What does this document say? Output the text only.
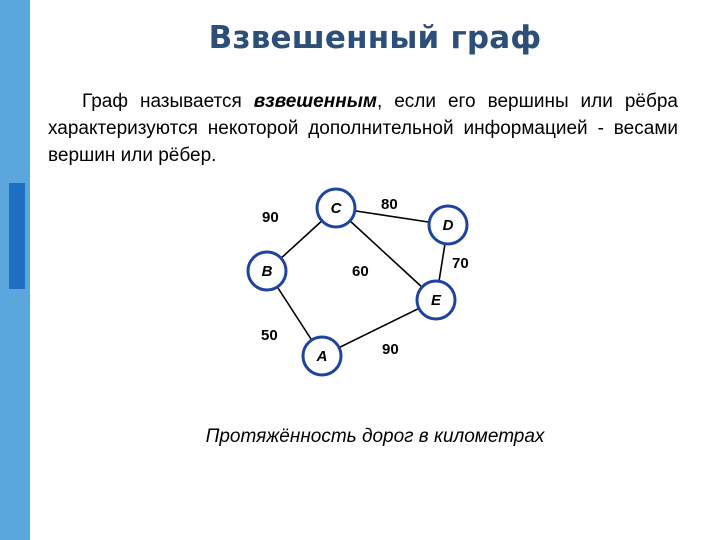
Взвешенный граф

Граф называется взвешенным, если его вершины или рёбра характеризуются некоторой дополнительной информацией - весами вершин или рёбер.

90
80
60	70
50
90
C
D
B
E
A
Протяжённость дорог в километрах
